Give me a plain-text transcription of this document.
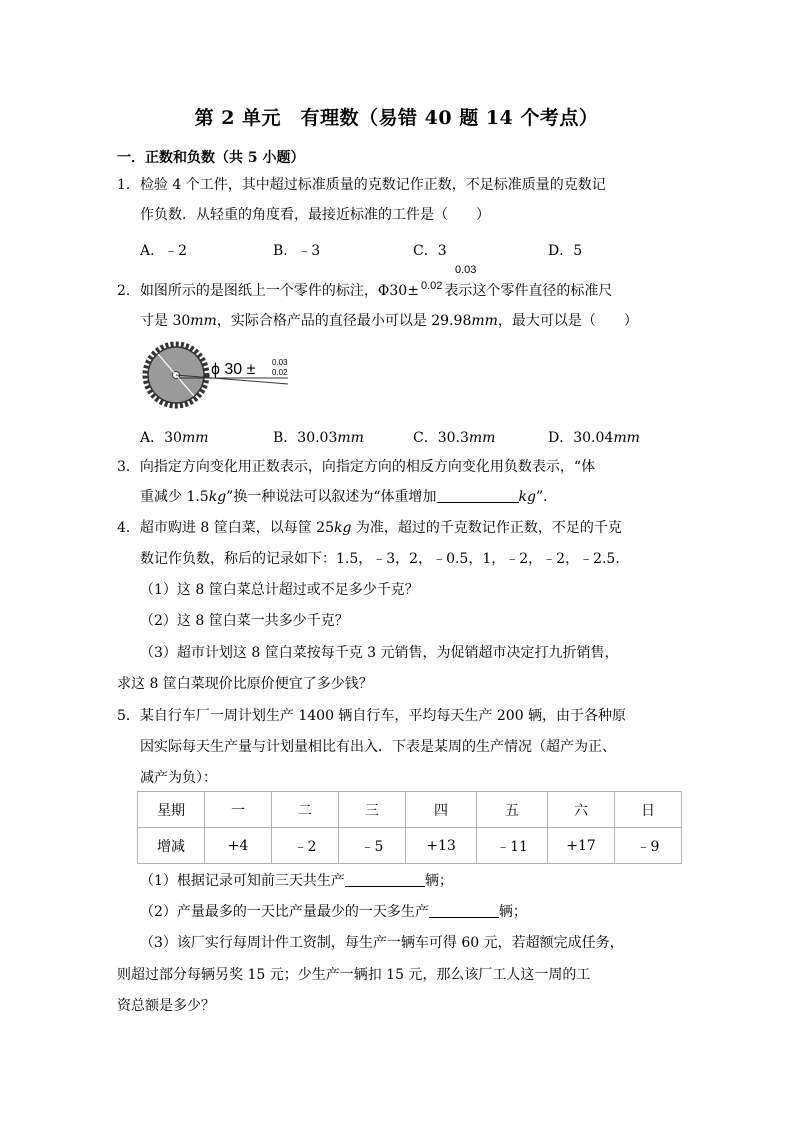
第 2 单元　有理数（易错 40 题 14 个考点）
一．正数和负数（共 5 小题）
1．检验 4 个工件，其中超过标准质量的克数记作正数，不足标准质量的克数记
作负数．从轻重的角度看，最接近标准的工件是（　　）
A．﹣2	B．﹣3	C．3	D．5
0.03
2．如图所示的是图纸上一个零件的标注，Φ30± $^{0.02}$ 表示这个零件直径的标准尺
寸是 30mm，实际合格产品的直径最小可以是 29.98mm，最大可以是（　　）
ϕ 30 ± 0.03
0.02
A．30mm	B．30.03mm	C．30.3mm	D．30.04mm
3．向指定方向变化用正数表示，向指定方向的相反方向变化用负数表示，“体
重减少 1.5kg”换一种说法可以叙述为“体重增加	kg”．
4．超市购进 8 筐白菜，以每筐 25kg 为准，超过的千克数记作正数，不足的千克
数记作负数，称后的记录如下：1.5，﹣3，2，﹣0.5，1，﹣2，﹣2，﹣2.5．
（1）这 8 筐白菜总计超过或不足多少千克？
（2）这 8 筐白菜一共多少千克？
（3）超市计划这 8 筐白菜按每千克 3 元销售，为促销超市决定打九折销售，
求这 8 筐白菜现价比原价便宜了多少钱？
5．某自行车厂一周计划生产 1400 辆自行车，平均每天生产 200 辆，由于各种原
因实际每天生产量与计划量相比有出入．下表是某周的生产情况（超产为正、
减产为负）：
星期	一	二	三	四	五	六	日
增减	+4	﹣2	﹣5	+13	﹣11	+17	﹣9
（1）根据记录可知前三天共生产	辆；
（2）产量最多的一天比产量最少的一天多生产	辆；
（3）该厂实行每周计件工资制，每生产一辆车可得 60 元，若超额完成任务，
则超过部分每辆另奖 15 元；少生产一辆扣 15 元，那么该厂工人这一周的工
资总额是多少？
